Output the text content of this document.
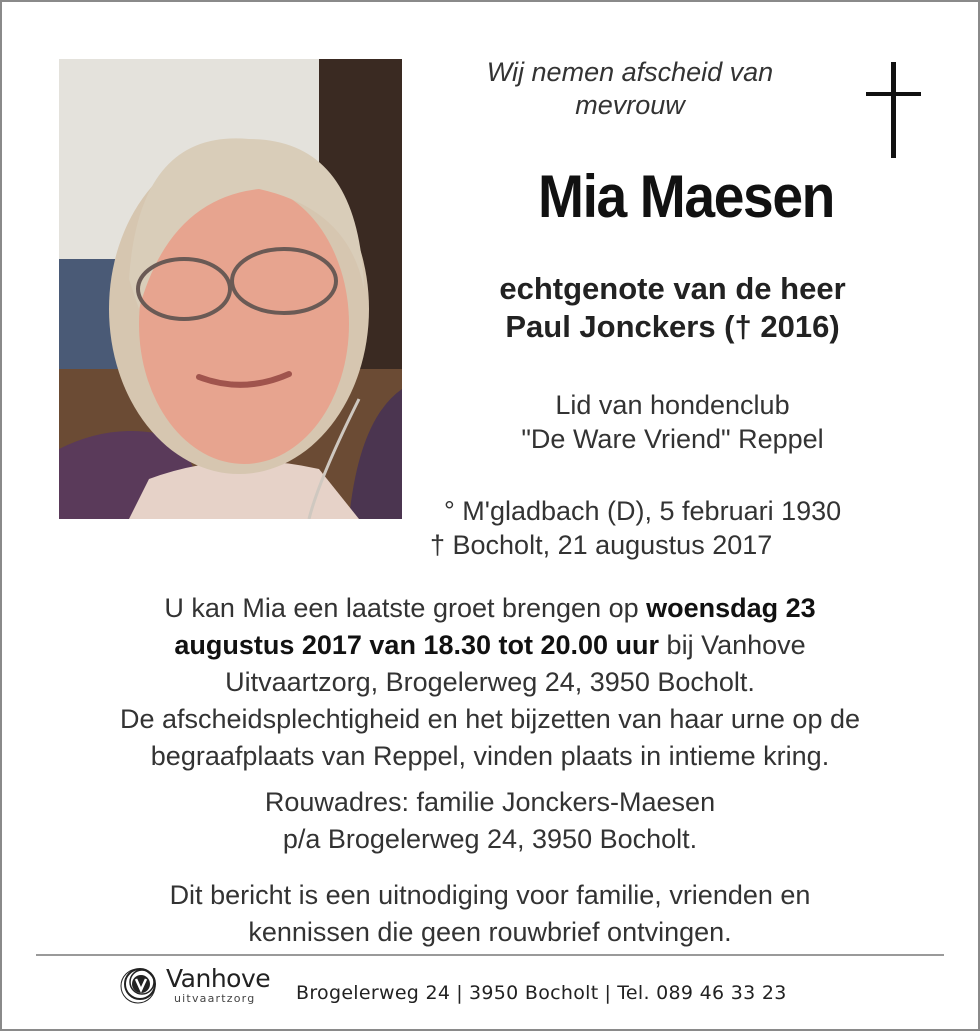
Wij nemen afscheid van
mevrouw
Mia Maesen
echtgenote van de heer
Paul Jonckers († 2016)
Lid van hondenclub
"De Ware Vriend" Reppel
° M'gladbach (D), 5 februari 1930
† Bocholt, 21 augustus 2017
U kan Mia een laatste groet brengen op woensdag 23
augustus 2017 van 18.30 tot 20.00 uur bij Vanhove
Uitvaartzorg, Brogelerweg 24, 3950 Bocholt.
De afscheidsplechtigheid en het bijzetten van haar urne op de
begraafplaats van Reppel, vinden plaats in intieme kring.
Rouwadres: familie Jonckers-Maesen
p/a Brogelerweg 24, 3950 Bocholt.
Dit bericht is een uitnodiging voor familie, vrienden en
kennissen die geen rouwbrief ontvingen.
Vanhove
uitvaartzorg Brogelerweg 24 | 3950 Bocholt | Tel. 089 46 33 23
